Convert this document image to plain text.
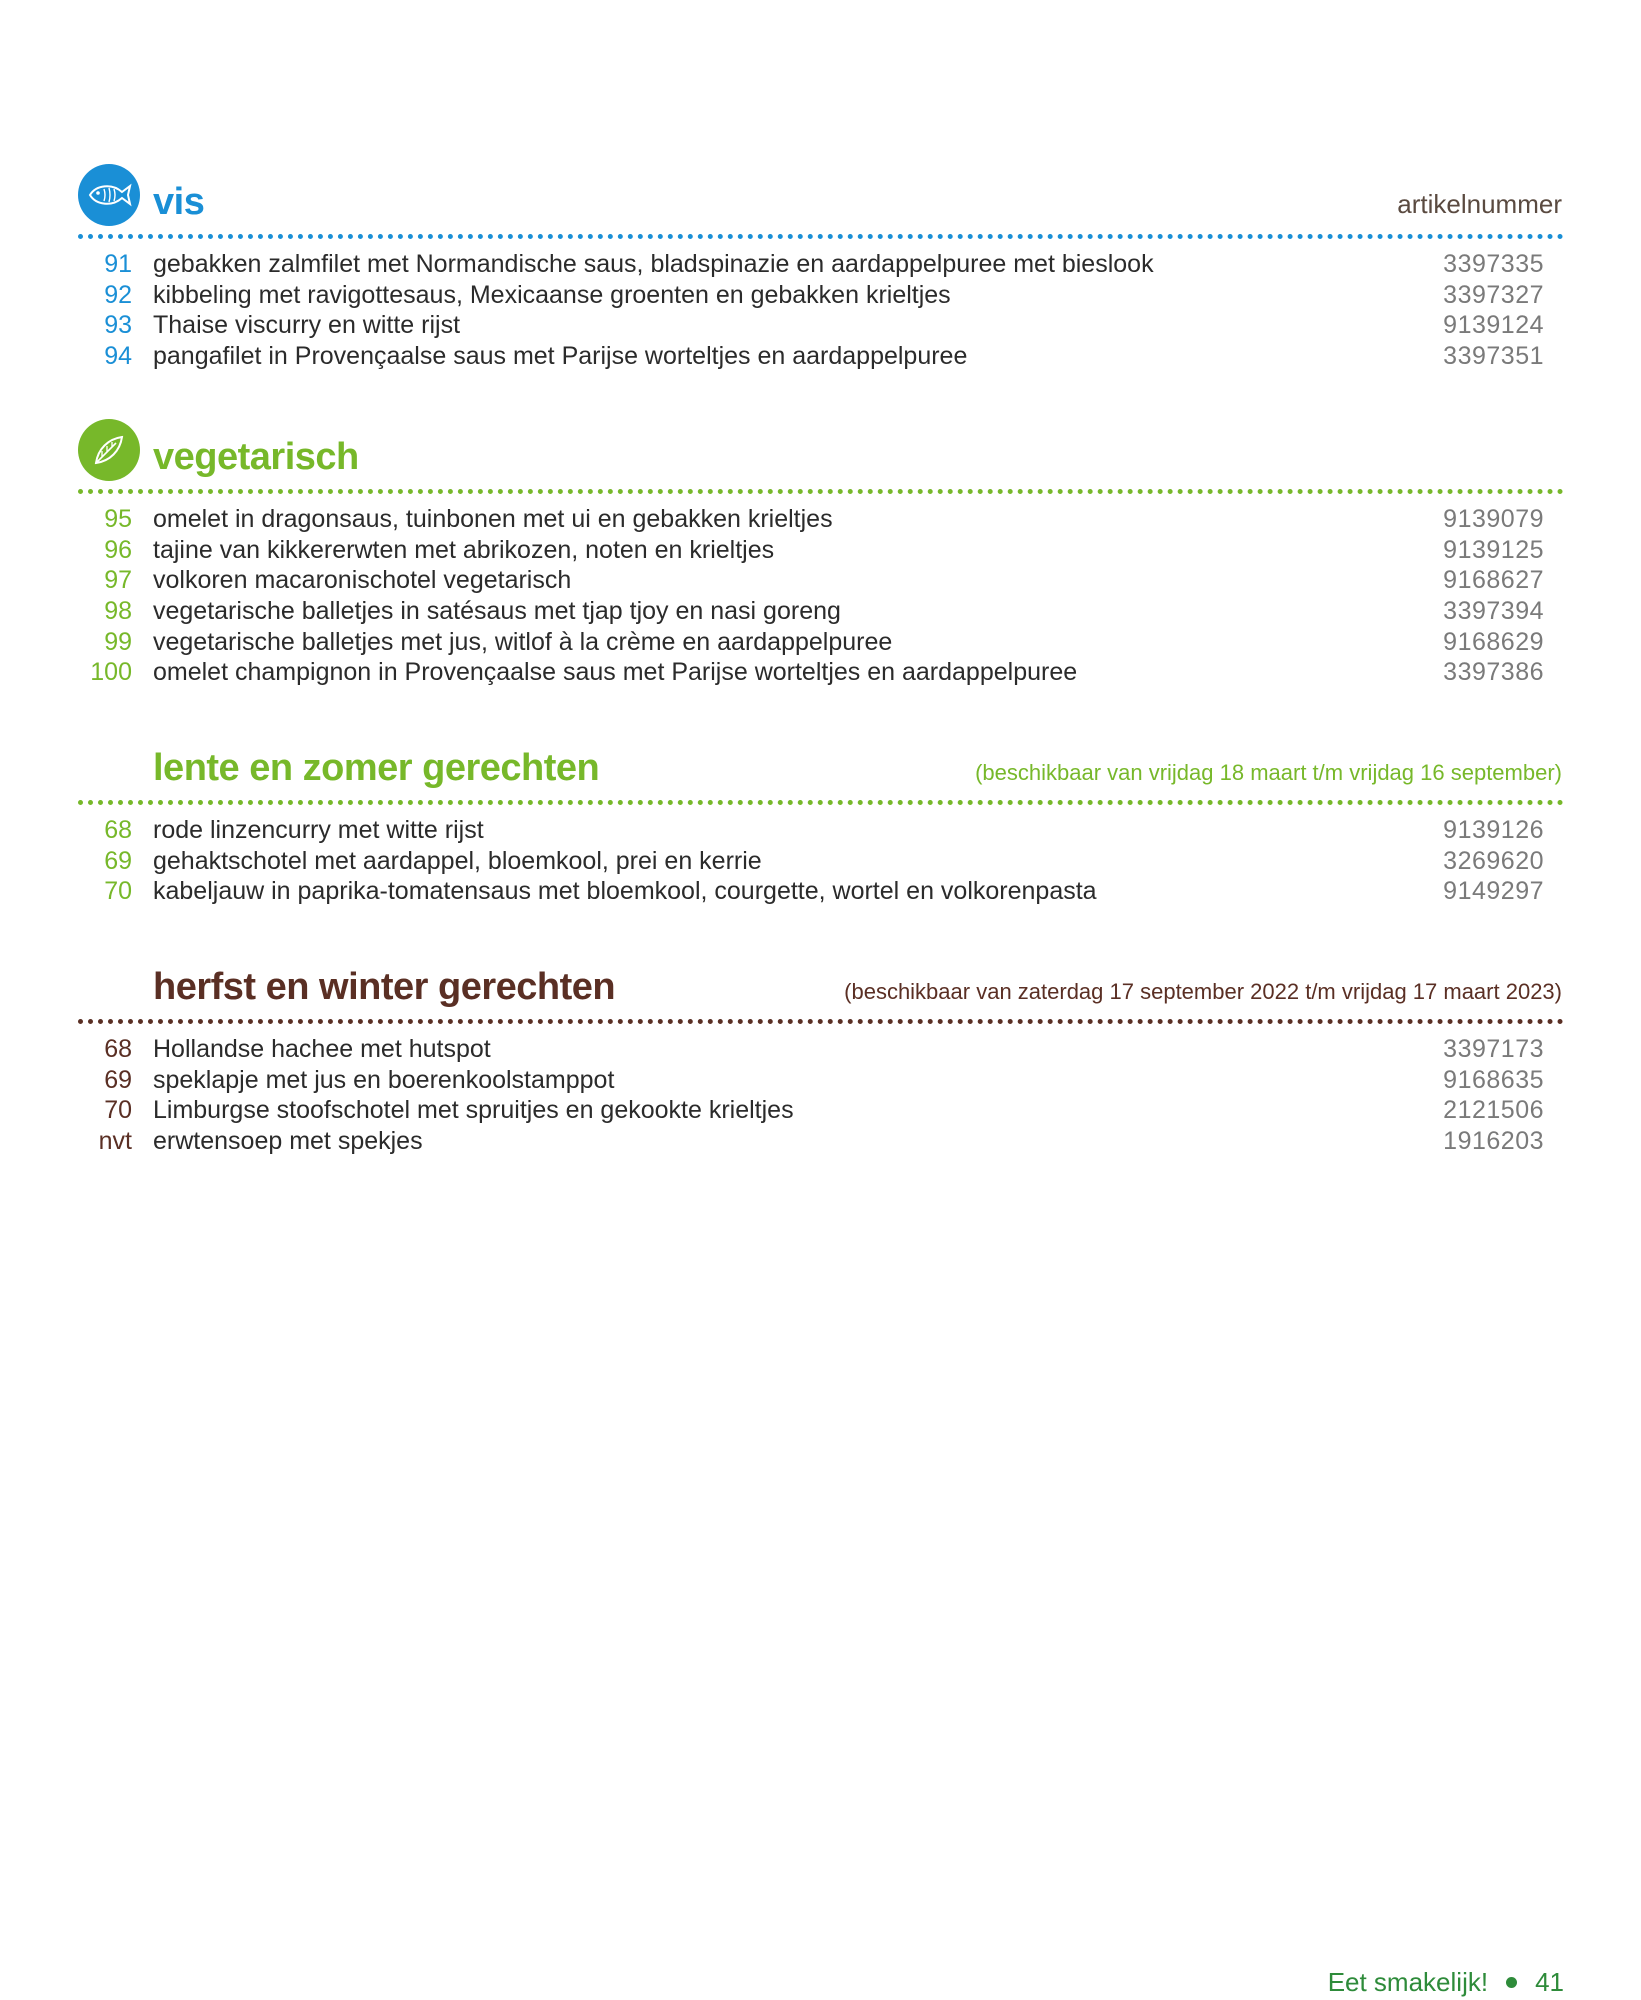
vis	artikelnummer
91 gebakken zalmfilet met Normandische saus, bladspinazie en aardappelpuree met bieslook	3397335
92 kibbeling met ravigottesaus, Mexicaanse groenten en gebakken krieltjes	3397327
93 Thaise viscurry en witte rijst	9139124
94 pangafilet in Provençaalse saus met Parijse worteltjes en aardappelpuree	3397351
vegetarisch
95 omelet in dragonsaus, tuinbonen met ui en gebakken krieltjes	9139079
96 tajine van kikkererwten met abrikozen, noten en krieltjes	9139125
97 volkoren macaronischotel vegetarisch	9168627
98 vegetarische balletjes in satésaus met tjap tjoy en nasi goreng	3397394
99 vegetarische balletjes met jus, witlof à la crème en aardappelpuree	9168629
100 omelet champignon in Provençaalse saus met Parijse worteltjes en aardappelpuree	3397386
lente en zomer gerechten	(beschikbaar van vrijdag 18 maart t/m vrijdag 16 september)
68 rode linzencurry met witte rijst	9139126
69 gehaktschotel met aardappel, bloemkool, prei en kerrie	3269620
70 kabeljauw in paprika-tomatensaus met bloemkool, courgette, wortel en volkorenpasta	9149297
herfst en winter gerechten	(beschikbaar van zaterdag 17 september 2022 t/m vrijdag 17 maart 2023)
68 Hollandse hachee met hutspot	3397173
69 speklapje met jus en boerenkoolstamppot	9168635
70 Limburgse stoofschotel met spruitjes en gekookte krieltjes	2121506
nvt erwtensoep met spekjes	1916203
Eet smakelijk! 41
